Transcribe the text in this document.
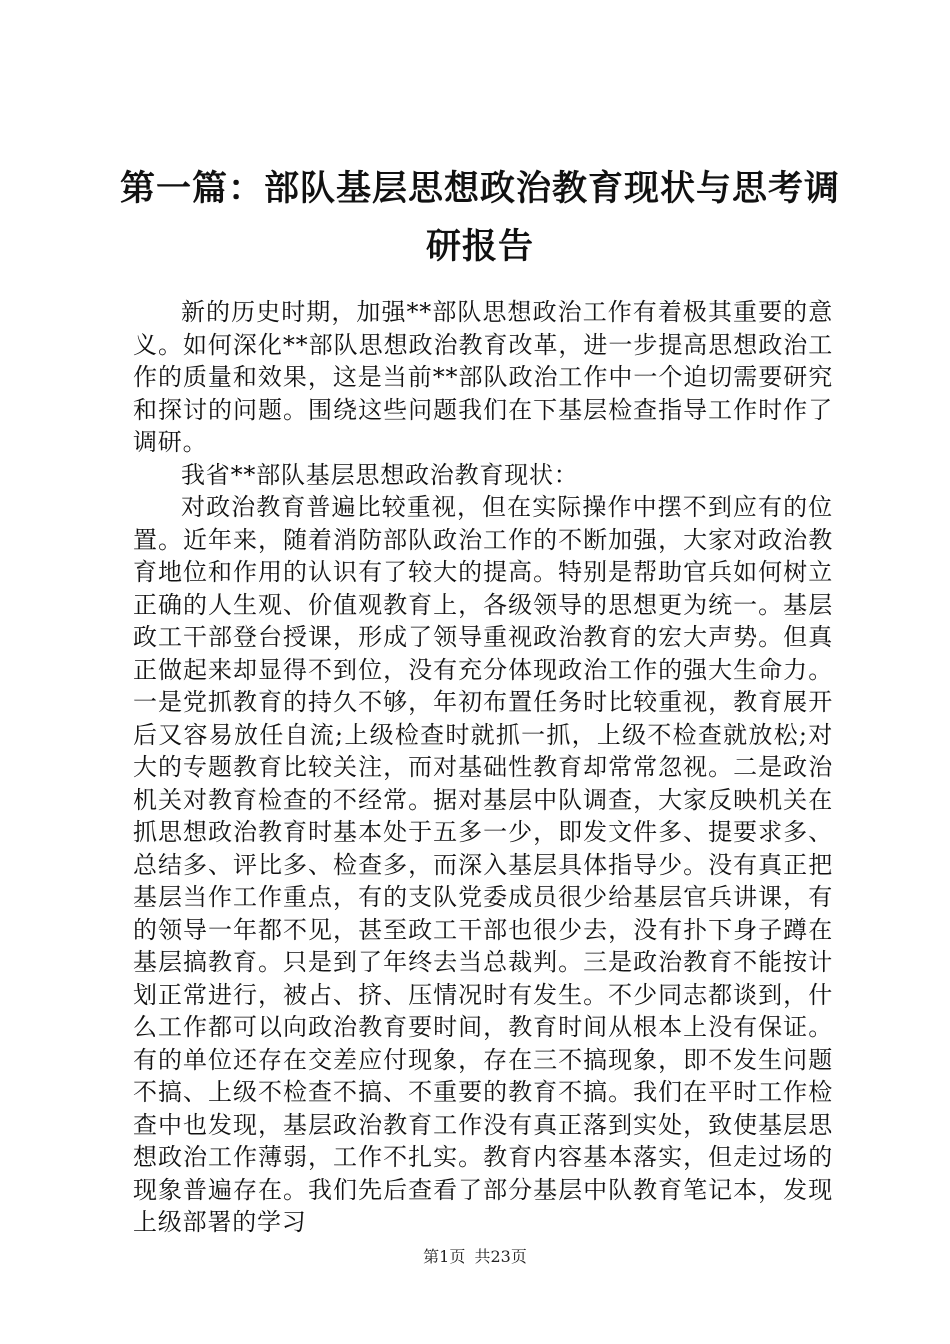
第一篇：部队基层思想政治教育现状与思考调研报告

新的历史时期，加强**部队思想政治工作有着极其重要的意义。如何深化**部队思想政治教育改革，进一步提高思想政治工作的质量和效果，这是当前**部队政治工作中一个迫切需要研究和探讨的问题。围绕这些问题我们在下基层检查指导工作时作了调研。

我省**部队基层思想政治教育现状：

对政治教育普遍比较重视，但在实际操作中摆不到应有的位置。近年来，随着消防部队政治工作的不断加强，大家对政治教育地位和作用的认识有了较大的提高。特别是帮助官兵如何树立正确的人生观、价值观教育上，各级领导的思想更为统一。基层政工干部登台授课，形成了领导重视政治教育的宏大声势。但真正做起来却显得不到位，没有充分体现政治工作的强大生命力。一是党抓教育的持久不够，年初布置任务时比较重视，教育展开后又容易放任自流;上级检查时就抓一抓，上级不检查就放松;对大的专题教育比较关注，而对基础性教育却常常忽视。二是政治机关对教育检查的不经常。据对基层中队调查，大家反映机关在抓思想政治教育时基本处于五多一少，即发文件多、提要求多、总结多、评比多、检查多，而深入基层具体指导少。没有真正把基层当作工作重点，有的支队党委成员很少给基层官兵讲课，有的领导一年都不见，甚至政工干部也很少去，没有扑下身子蹲在基层搞教育。只是到了年终去当总裁判。三是政治教育不能按计划正常进行，被占、挤、压情况时有发生。不少同志都谈到，什么工作都可以向政治教育要时间，教育时间从根本上没有保证。有的单位还存在交差应付现象，存在三不搞现象，即不发生问题不搞、上级不检查不搞、不重要的教育不搞。我们在平时工作检查中也发现，基层政治教育工作没有真正落到实处，致使基层思想政治工作薄弱，工作不扎实。教育内容基本落实，但走过场的现象普遍存在。我们先后查看了部分基层中队教育笔记本，发现上级部署的学习

第1页 共23页
